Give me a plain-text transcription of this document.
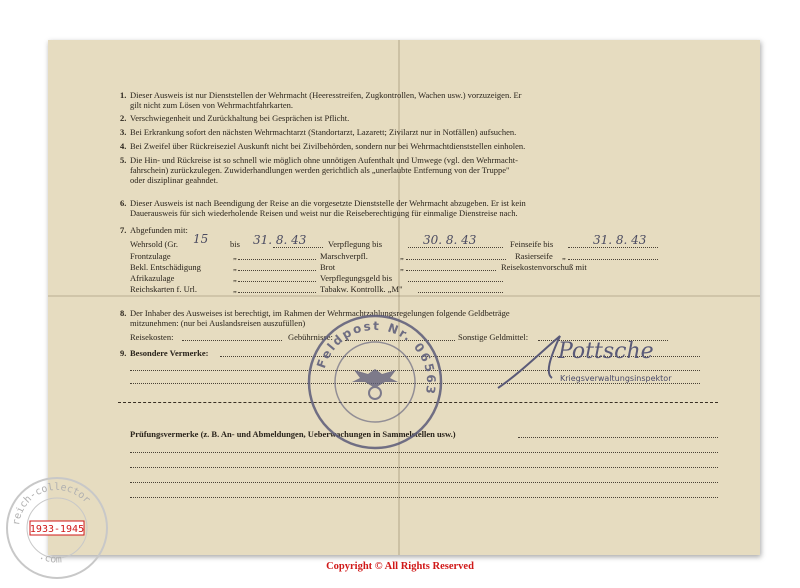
1. Dieser Ausweis ist nur Dienststellen der Wehrmacht (Heeresstreifen, Zugkontrollen, Wachen usw.) vorzuzeigen. Er
gilt nicht zum Lösen von Wehrmachtfahrkarten.
2. Verschwiegenheit und Zurückhaltung bei Gesprächen ist Pflicht.
3. Bei Erkrankung sofort den nächsten Wehrmachtarzt (Standortarzt, Lazarett; Zivilarzt nur in Notfällen) aufsuchen.
4. Bei Zweifel über Rückreiseziel Auskunft nicht bei Zivilbehörden, sondern nur bei Wehrmachtdienststellen einholen.
5. Die Hin- und Rückreise ist so schnell wie möglich ohne unnötigen Aufenthalt und Umwege (vgl. den Wehrmacht-
fahrschein) zurückzulegen. Zuwiderhandlungen werden gerichtlich als „unerlaubte Entfernung von der Truppe"
oder disziplinar geahndet.
6. Dieser Ausweis ist nach Beendigung der Reise an die vorgesetzte Dienststelle der Wehrmacht abzugeben. Er ist kein
Dauerausweis für sich wiederholende Reisen und weist nur die Reiseberechtigung für einmalige Dienstreise nach.
7. Abgefunden mit:
Wehrsold (Gr. 15	bis 31. 8. 43	Verpflegung bis	30. 8. 43	Feinseife bis	31. 8. 43
Frontzulage	„	Marschverpfl.	„	Rasierseife „
Bekl. Entschädigung	„	Brot	„	Reisekostenvorschuß mit
Afrikazulage	„	Verpflegungsgeld bis
Reichskarten f. Url.	„	Tabakw. Kontrollk. „M"
8. Der Inhaber des Ausweises ist berechtigt, im Rahmen der Wehrmachtzahlungsregelungen folgende Geldbeträge
mitzunehmen: (nur bei Auslandsreisen auszufüllen)
Reisekosten:	Gebührnisse:	Sonstige Geldmittel:
9. Besondere Vermerke:
Prüfungsvermerke (z. B. An- und Abmeldungen, Ueberwachungen in Sammelstellen usw.)
Feldpost Nr. 06563
Pottsche
Kriegsverwaltungsinspektor
reich-collector
.com
1933-1945
Copyright © All Rights Reserved
